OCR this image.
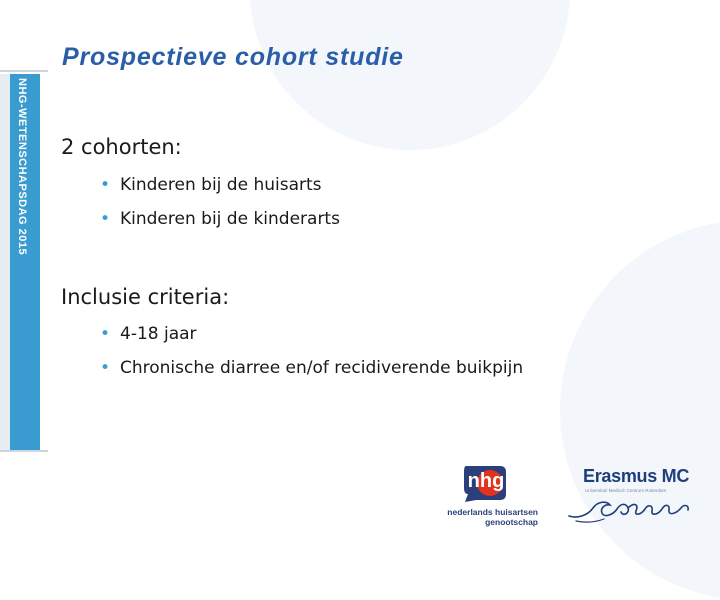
NHG-WETENSCHAPSDAG 2015
Prospectieve cohort studie

2 cohorten:

• Kinderen bij de huisarts
• Kinderen bij de kinderarts

Inclusie criteria:

• 4-18 jaar
• Chronische diarree en/of recidiverende buikpijn
nhg
nederlands huisartsen
genootschap
Erasmus MC
Universitair Medisch Centrum Rotterdam
